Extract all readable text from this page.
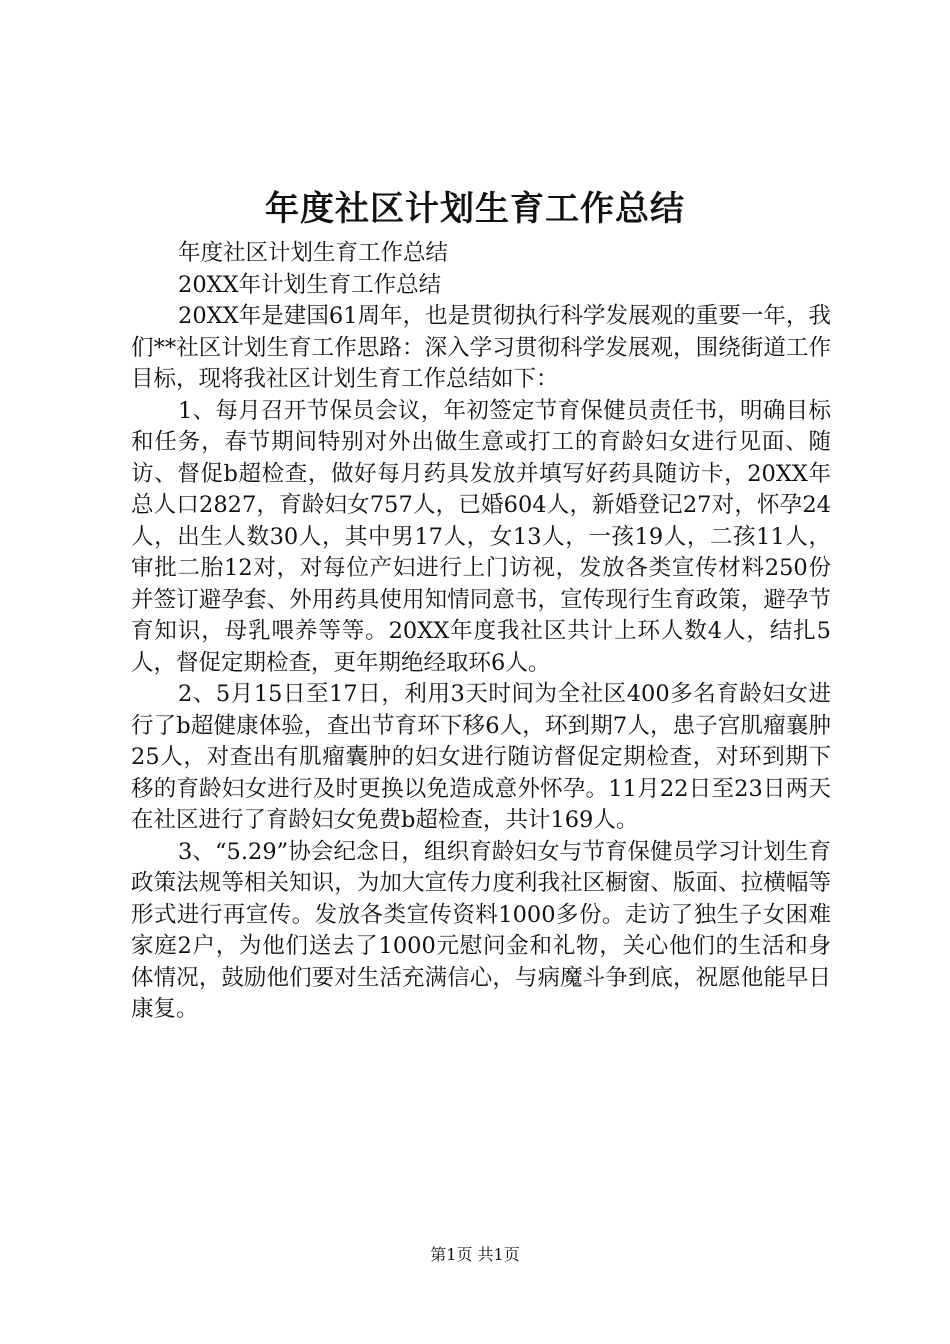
年度社区计划生育工作总结

年度社区计划生育工作总结

20XX年计划生育工作总结

20XX年是建国61周年，也是贯彻执行科学发展观的重要一年，我们**社区计划生育工作思路：深入学习贯彻科学发展观，围绕街道工作目标，现将我社区计划生育工作总结如下：

1、每月召开节保员会议，年初签定节育保健员责任书，明确目标和任务，春节期间特别对外出做生意或打工的育龄妇女进行见面、随访、督促b超检查，做好每月药具发放并填写好药具随访卡，20XX年总人口2827，育龄妇女757人，已婚604人，新婚登记27对，怀孕24人，出生人数30人，其中男17人，女13人，一孩19人，二孩11人，审批二胎12对，对每位产妇进行上门访视，发放各类宣传材料250份并签订避孕套、外用药具使用知情同意书，宣传现行生育政策，避孕节育知识，母乳喂养等等。20XX年度我社区共计上环人数4人，结扎5人，督促定期检查，更年期绝经取环6人。

2、5月15日至17日，利用3天时间为全社区400多名育龄妇女进行了b超健康体验，查出节育环下移6人，环到期7人，患子宫肌瘤襄肿25人，对查出有肌瘤囊肿的妇女进行随访督促定期检查，对环到期下移的育龄妇女进行及时更换以免造成意外怀孕。11月22日至23日两天在社区进行了育龄妇女免费b超检查，共计169人。

3、“5.29”协会纪念日，组织育龄妇女与节育保健员学习计划生育政策法规等相关知识，为加大宣传力度利我社区橱窗、版面、拉横幅等形式进行再宣传。发放各类宣传资料1000多份。走访了独生子女困难家庭2户，为他们送去了1000元慰问金和礼物，关心他们的生活和身体情况，鼓励他们要对生活充满信心，与病魔斗争到底，祝愿他能早日康复。

第1页 共1页
